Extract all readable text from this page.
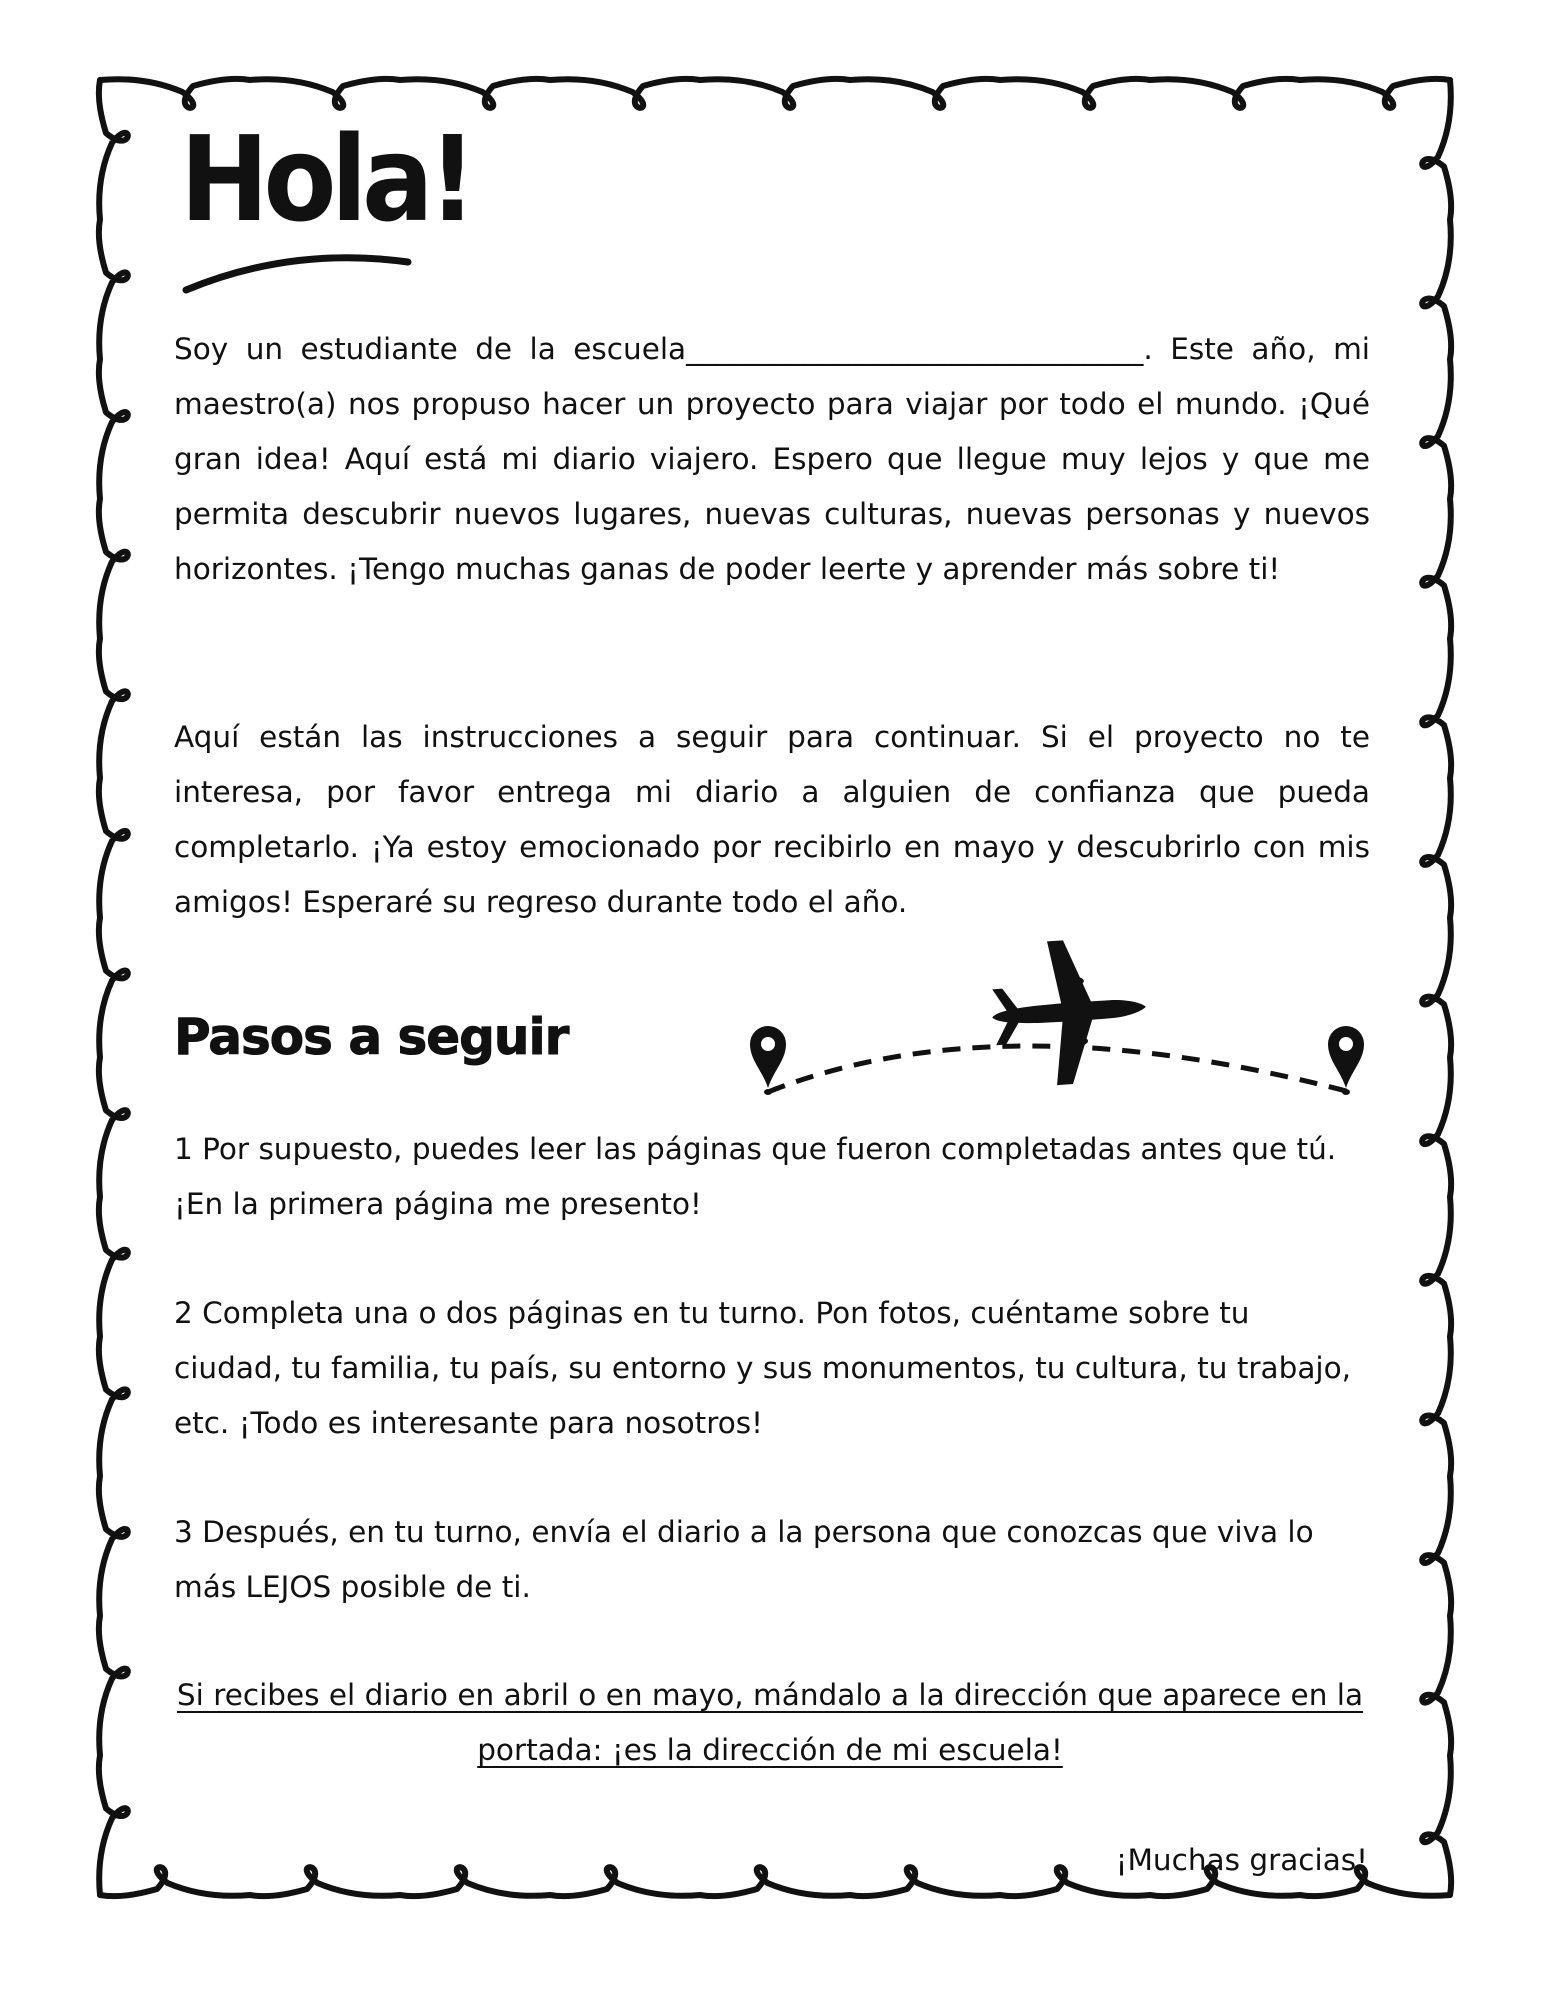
Hola!

Soy un estudiante de la escuela_______________________________. Este año, mi maestro(a) nos propuso hacer un proyecto para viajar por todo el mundo. ¡Qué gran idea! Aquí está mi diario viajero. Espero que llegue muy lejos y que me permita descubrir nuevos lugares, nuevas culturas, nuevas personas y nuevos horizontes. ¡Tengo muchas ganas de poder leerte y aprender más sobre ti!

Aquí están las instrucciones a seguir para continuar. Si el proyecto no te interesa, por favor entrega mi diario a alguien de confianza que pueda completarlo. ¡Ya estoy emocionado por recibirlo en mayo y descubrirlo con mis amigos! Esperaré su regreso durante todo el año.

Pasos a seguir

1 Por supuesto, puedes leer las páginas que fueron completadas antes que tú. ¡En la primera página me presento!

2 Completa una o dos páginas en tu turno. Pon fotos, cuéntame sobre tu ciudad, tu familia, tu país, su entorno y sus monumentos, tu cultura, tu trabajo, etc. ¡Todo es interesante para nosotros!

3 Después, en tu turno, envía el diario a la persona que conozcas que viva lo más LEJOS posible de ti.

Si recibes el diario en abril o en mayo, mándalo a la dirección que aparece en la portada: ¡es la dirección de mi escuela!

¡Muchas gracias!
